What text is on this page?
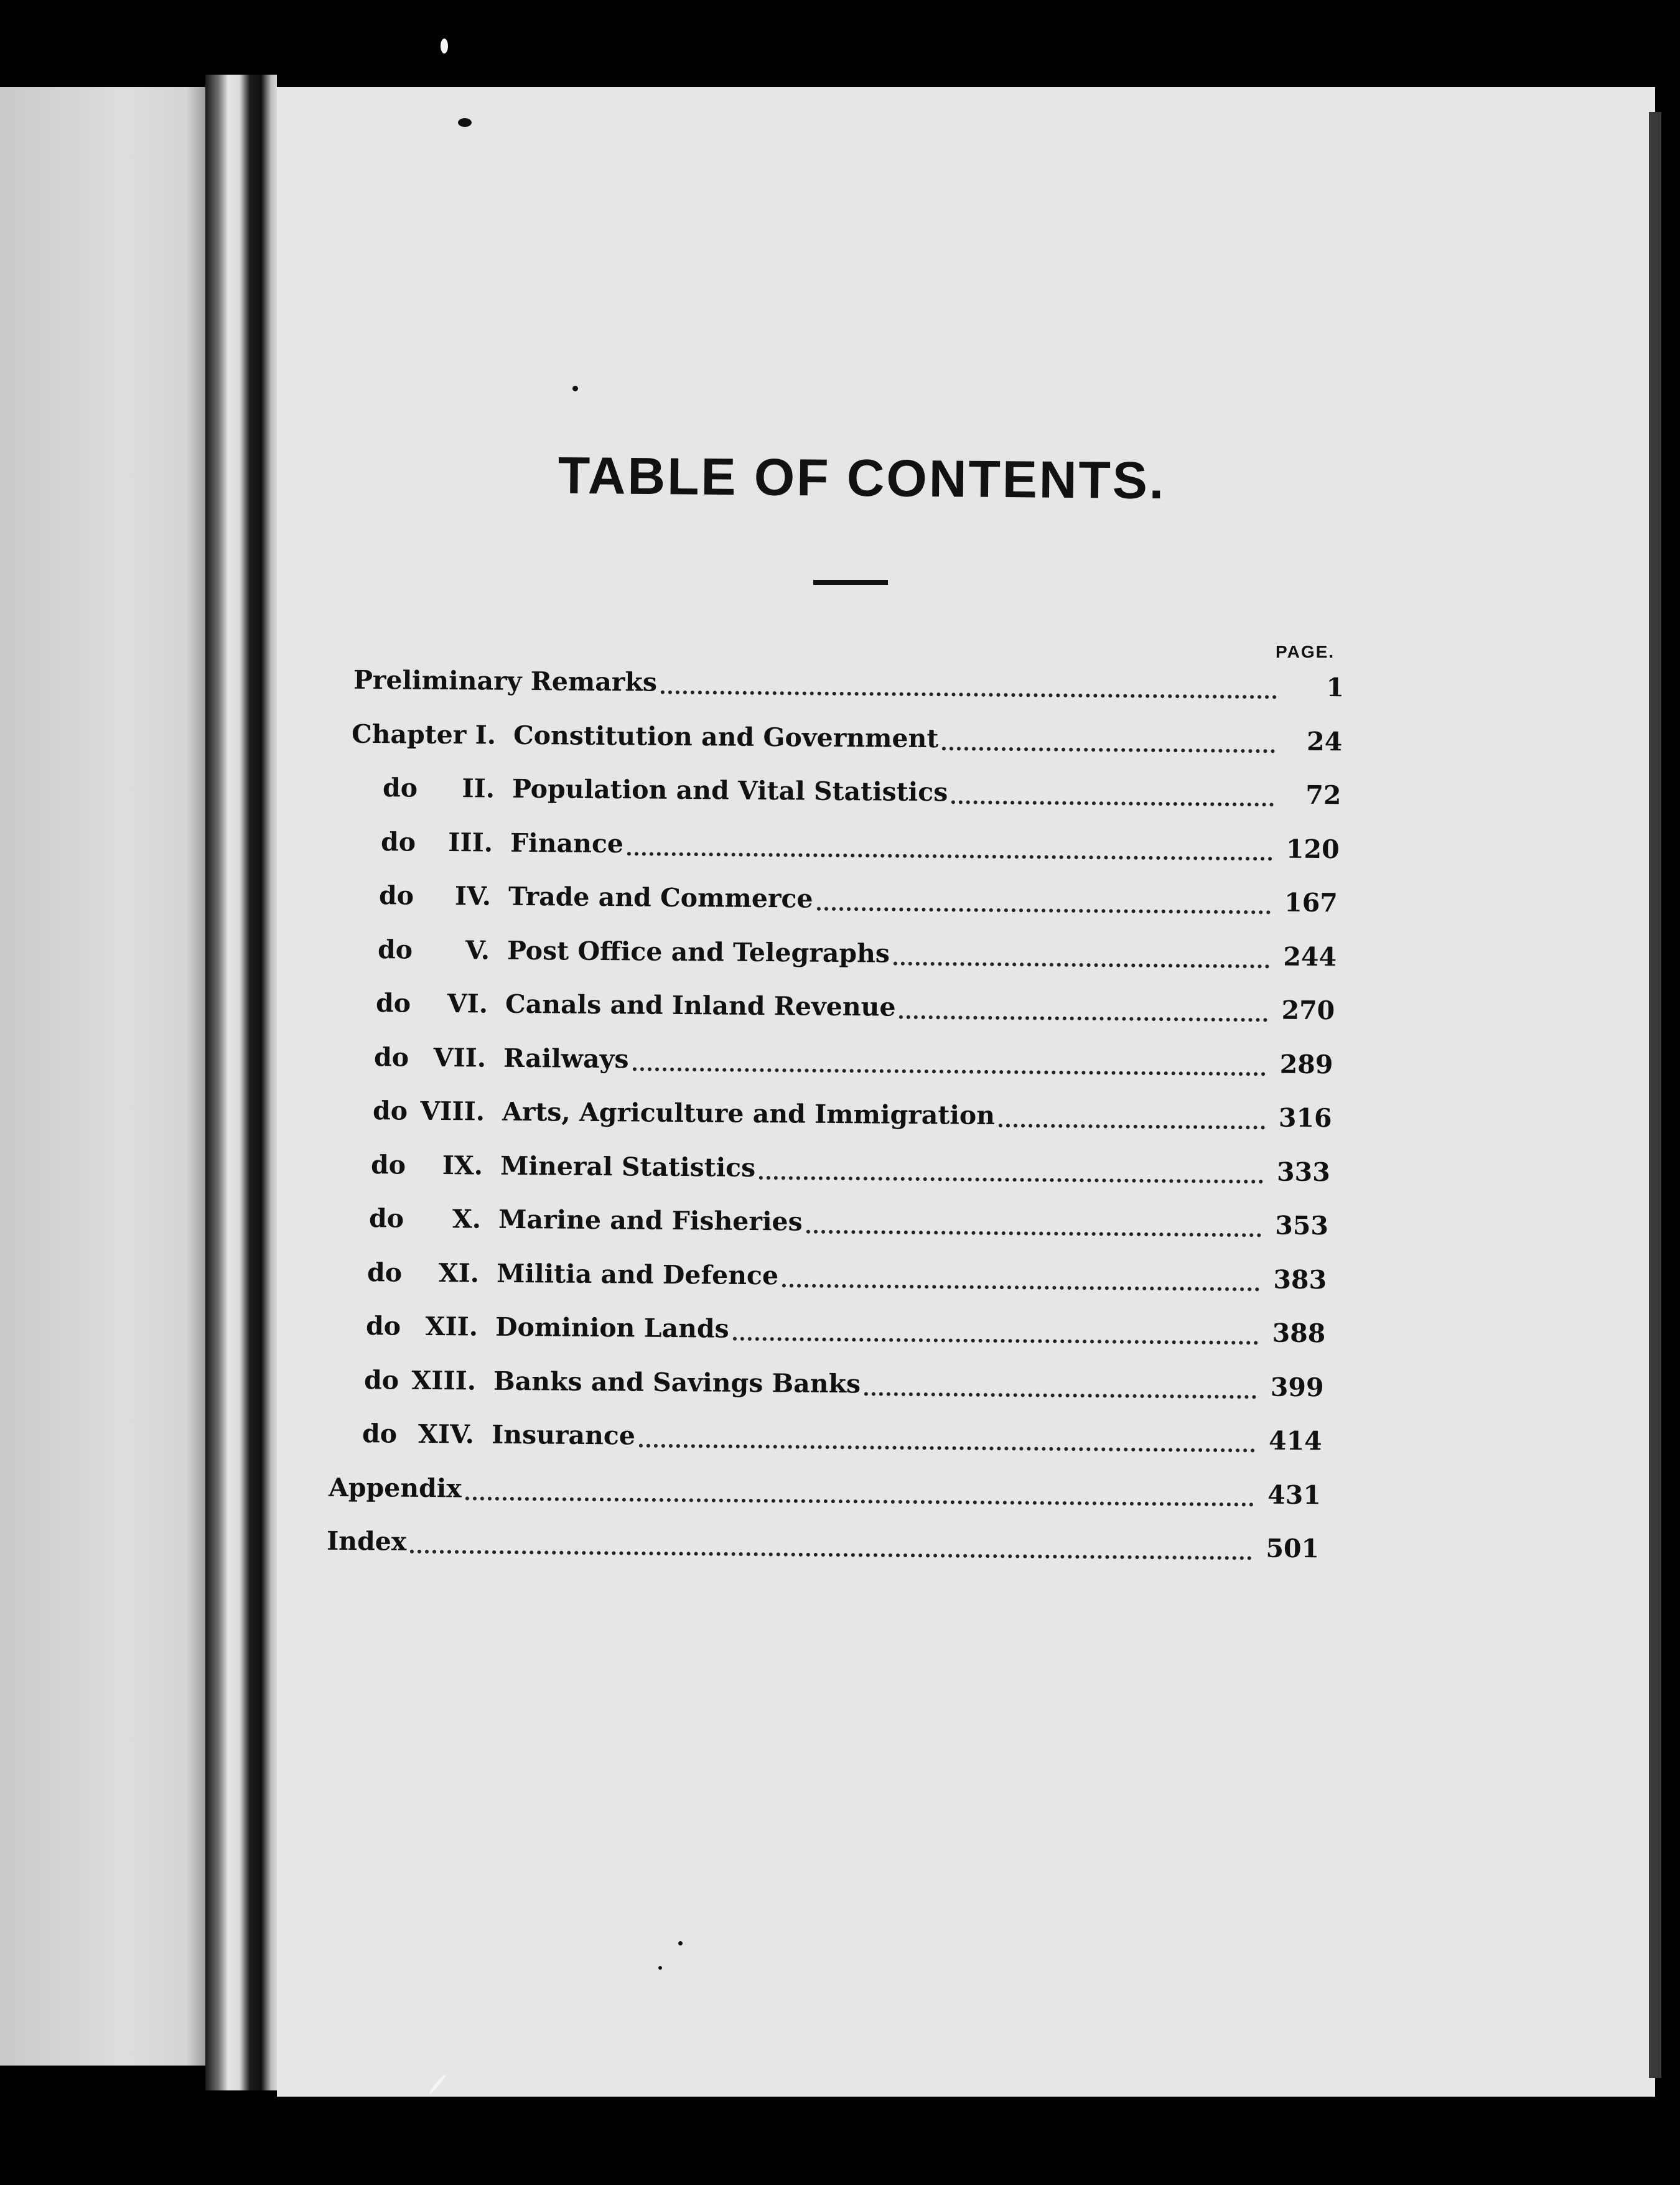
TABLE OF CONTENTS.
PAGE.
Preliminary Remarks	1
Chapter I. Constitution and Government	24
do	II. Population and Vital Statistics	72
do	III. Finance	120
do	IV. Trade and Commerce	167
do	V. Post Office and Telegraphs	244
do	VI. Canals and Inland Revenue	270
do VII. Railways	289
do VIII. Arts, Agriculture and Immigration	316
do	IX. Mineral Statistics	333
do	X. Marine and Fisheries	353
do	XI. Militia and Defence	383
do XII. Dominion Lands	388
do XIII. Banks and Savings Banks	399
do XIV. Insurance	414
Appendix	431
Index	501
